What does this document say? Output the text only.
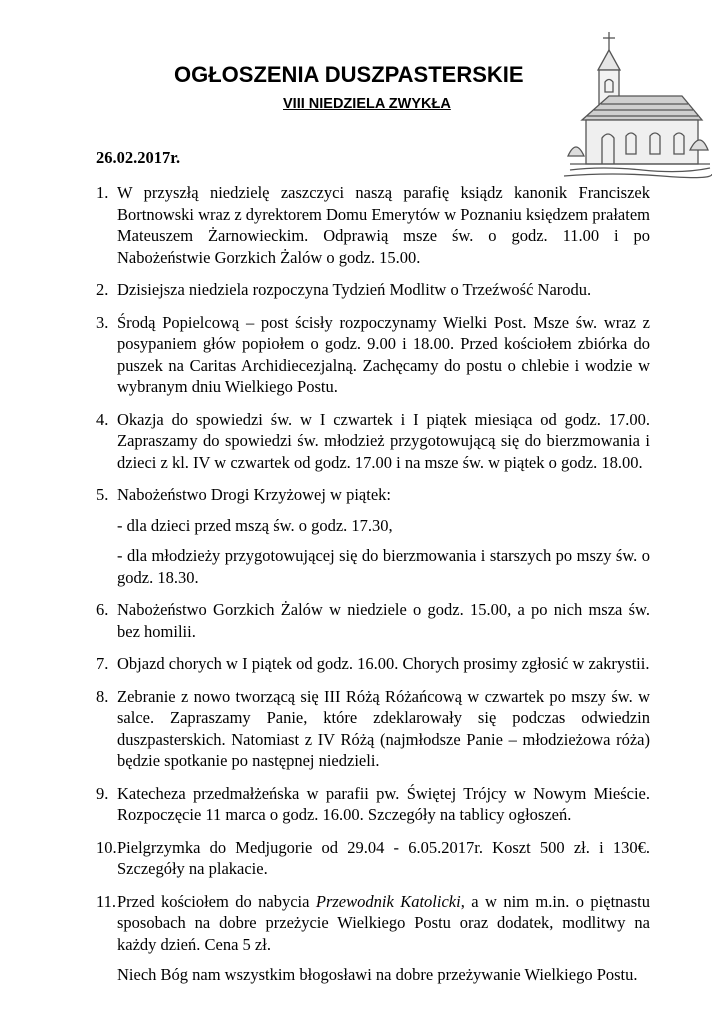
OGŁOSZENIA DUSZPASTERSKIE
VIII NIEDZIELA ZWYKŁA
26.02.2017r.
1. W przyszłą niedzielę zaszczyci naszą parafię ksiądz kanonik Franciszek Bortnowski wraz z dyrektorem Domu Emerytów w Poznaniu księdzem prałatem Mateuszem Żarnowieckim. Odprawią msze św. o godz. 11.00 i po Nabożeństwie Gorzkich Żalów o godz. 15.00.
2. Dzisiejsza niedziela rozpoczyna Tydzień Modlitw o Trzeźwość Narodu.
3. Środą Popielcową – post ścisły rozpoczynamy Wielki Post. Msze św. wraz z posypaniem głów popiołem o godz. 9.00 i 18.00. Przed kościołem zbiórka do puszek na Caritas Archidiecezjalną. Zachęcamy do postu o chlebie i wodzie w wybranym dniu Wielkiego Postu.
4. Okazja do spowiedzi św. w I czwartek i I piątek miesiąca od godz. 17.00. Zapraszamy do spowiedzi św. młodzież przygotowującą się do bierzmowania i dzieci z kl. IV w czwartek od godz. 17.00 i na msze św. w piątek o godz. 18.00.
5. Nabożeństwo Drogi Krzyżowej w piątek:
- dla dzieci przed mszą św. o godz. 17.30,
- dla młodzieży przygotowującej się do bierzmowania i starszych po mszy św. o godz. 18.30.
6. Nabożeństwo Gorzkich Żalów w niedziele o godz. 15.00, a po nich msza św. bez homilii.
7. Objazd chorych w I piątek od godz. 16.00. Chorych prosimy zgłosić w zakrystii.
8. Zebranie z nowo tworzącą się III Różą Różańcową w czwartek po mszy św. w salce. Zapraszamy Panie, które zdeklarowały się podczas odwiedzin duszpasterskich. Natomiast z IV Różą (najmłodsze Panie – młodzieżowa róża) będzie spotkanie po następnej niedzieli.
9. Katecheza przedmałżeńska w parafii pw. Świętej Trójcy w Nowym Mieście. Rozpoczęcie 11 marca o godz. 16.00. Szczegóły na tablicy ogłoszeń.
10. Pielgrzymka do Medjugorie od 29.04 - 6.05.2017r. Koszt 500 zł. i 130€. Szczegóły na plakacie.
11. Przed kościołem do nabycia Przewodnik Katolicki, a w nim m.in. o piętnastu sposobach na dobre przeżycie Wielkiego Postu oraz dodatek, modlitwy na każdy dzień. Cena 5 zł.
Niech Bóg nam wszystkim błogosławi na dobre przeżywanie Wielkiego Postu.
